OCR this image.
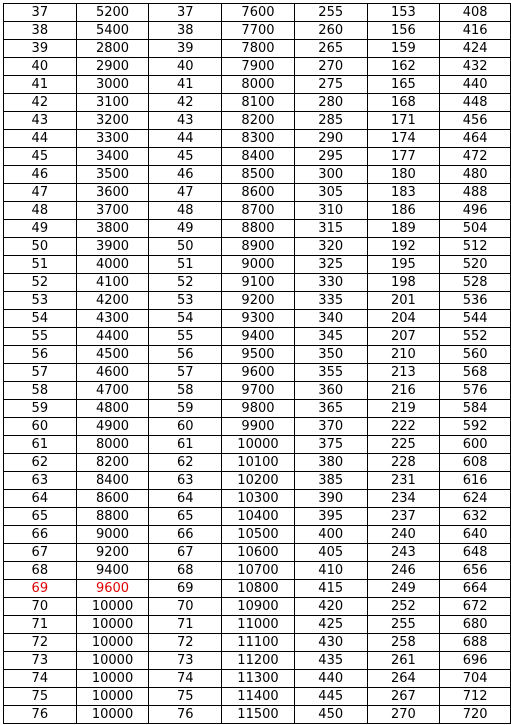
37	5200	37	7600	255	153	408
38	5400	38	7700	260	156	416
39	2800	39	7800	265	159	424
40	2900	40	7900	270	162	432
41	3000	41	8000	275	165	440
42	3100	42	8100	280	168	448
43	3200	43	8200	285	171	456
44	3300	44	8300	290	174	464
45	3400	45	8400	295	177	472
46	3500	46	8500	300	180	480
47	3600	47	8600	305	183	488
48	3700	48	8700	310	186	496
49	3800	49	8800	315	189	504
50	3900	50	8900	320	192	512
51	4000	51	9000	325	195	520
52	4100	52	9100	330	198	528
53	4200	53	9200	335	201	536
54	4300	54	9300	340	204	544
55	4400	55	9400	345	207	552
56	4500	56	9500	350	210	560
57	4600	57	9600	355	213	568
58	4700	58	9700	360	216	576
59	4800	59	9800	365	219	584
60	4900	60	9900	370	222	592
61	8000	61	10000	375	225	600
62	8200	62	10100	380	228	608
63	8400	63	10200	385	231	616
64	8600	64	10300	390	234	624
65	8800	65	10400	395	237	632
66	9000	66	10500	400	240	640
67	9200	67	10600	405	243	648
68	9400	68	10700	410	246	656
69	9600	69	10800	415	249	664
70	10000	70	10900	420	252	672
71	10000	71	11000	425	255	680
72	10000	72	11100	430	258	688
73	10000	73	11200	435	261	696
74	10000	74	11300	440	264	704
75	10000	75	11400	445	267	712
76	10000	76	11500	450	270	720
